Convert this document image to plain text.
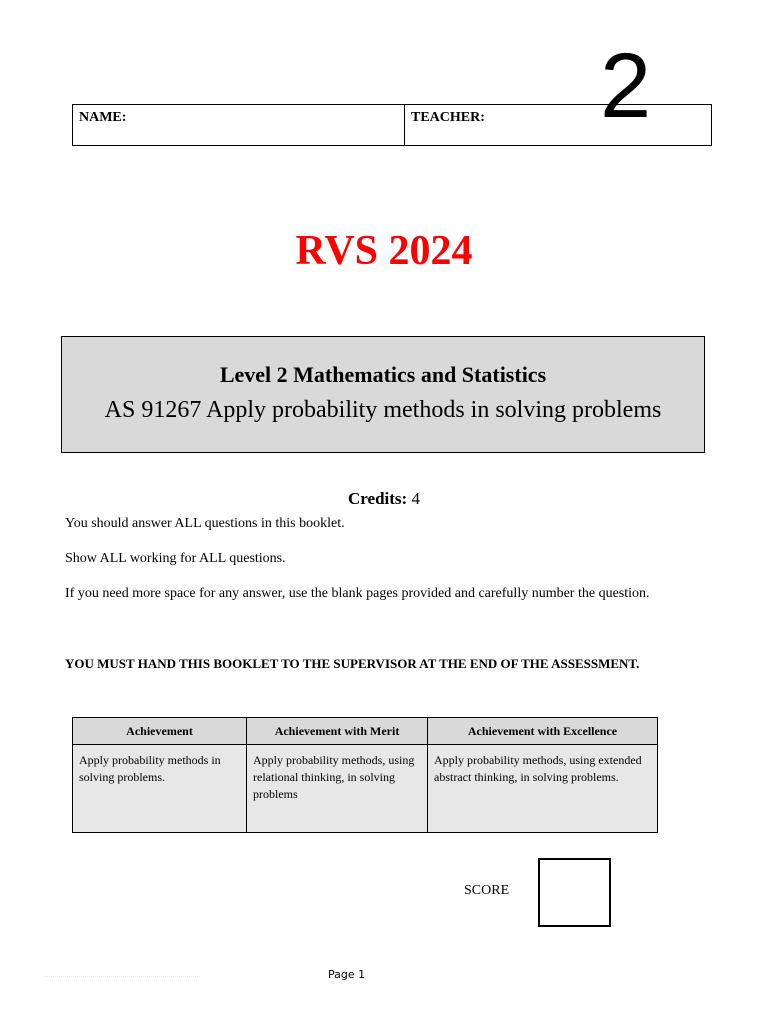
NAME:	TEACHER:	2
RVS 2024
Level 2 Mathematics and Statistics
AS 91267 Apply probability methods in solving problems
Credits: 4
You should answer ALL questions in this booklet.
Show ALL working for ALL questions.
If you need more space for any answer, use the blank pages provided and carefully number the question.
YOU MUST HAND THIS BOOKLET TO THE SUPERVISOR AT THE END OF THE ASSESSMENT.
Achievement	Achievement with Merit	Achievement with Excellence
Apply probability methods in solving problems.	Apply probability methods, using relational thinking, in solving problems	Apply probability methods, using extended abstract thinking, in solving problems.
SCORE
Page 1
